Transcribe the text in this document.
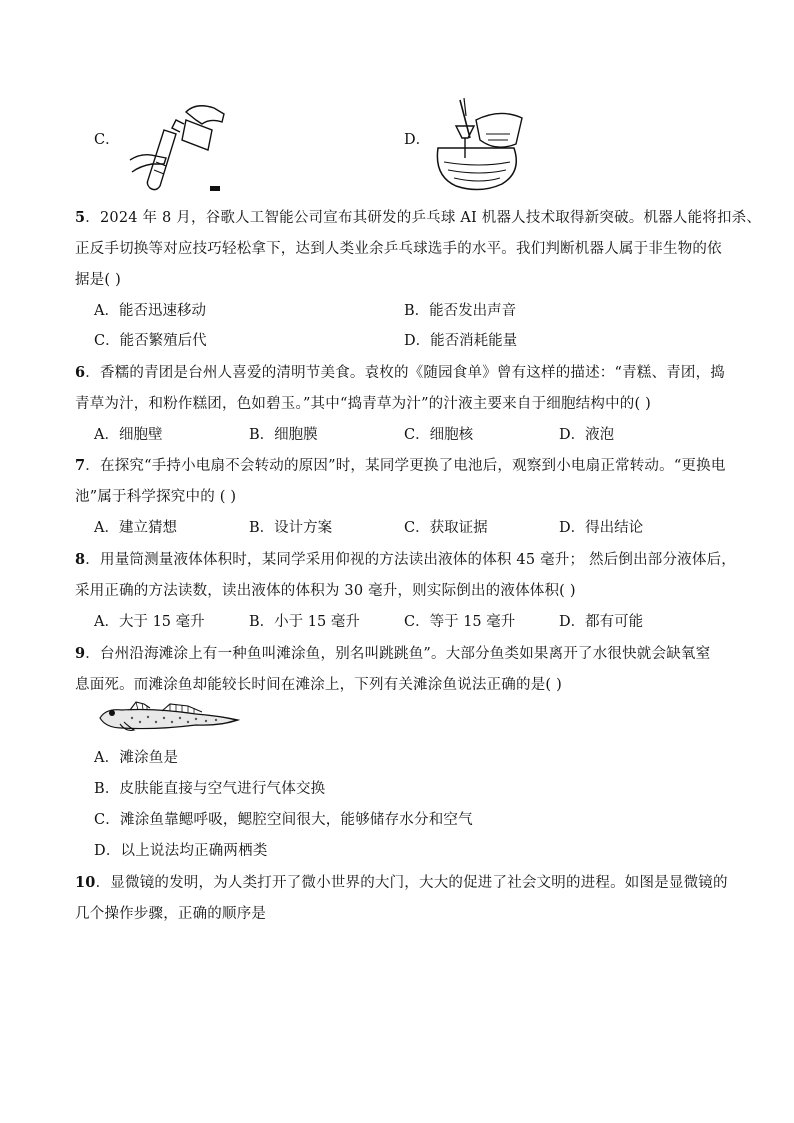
C．	D．
5．2024 年 8 月，谷歌人工智能公司宣布其研发的乒乓球 AI 机器人技术取得新突破。机器人能将扣杀、
正反手切换等对应技巧轻松拿下，达到人类业余乒乓球选手的水平。我们判断机器人属于非生物的依
据是( )
A．能否迅速移动	B．能否发出声音
C．能否繁殖后代	D．能否消耗能量
6．香糯的青团是台州人喜爱的清明节美食。袁枚的《随园食单》曾有这样的描述：“青糕、青团，捣
青草为汁，和粉作糕团，色如碧玉。”其中“捣青草为汁”的汁液主要来自于细胞结构中的( )
A．细胞壁	B．细胞膜	C．细胞核	D．液泡
7．在探究“手持小电扇不会转动的原因”时，某同学更换了电池后，观察到小电扇正常转动。“更换电
池”属于科学探究中的 ( )
A．建立猜想	B．设计方案	C．获取证据	D．得出结论
8．用量筒测量液体体积时，某同学采用仰视的方法读出液体的体积 45 毫升； 然后倒出部分液体后，
采用正确的方法读数，读出液体的体积为 30 毫升，则实际倒出的液体体积( )
A．大于 15 毫升	B．小于 15 毫升	C．等于 15 毫升	D．都有可能
9．台州沿海滩涂上有一种鱼叫滩涂鱼，别名叫跳跳鱼”。大部分鱼类如果离开了水很快就会缺氧窒
息面死。而滩涂鱼却能较长时间在滩涂上，下列有关滩涂鱼说法正确的是( )
A．滩涂鱼是
B．皮肤能直接与空气进行气体交换
C．滩涂鱼靠鳃呼吸，鳃腔空间很大，能够储存水分和空气
D．以上说法均正确两栖类
10．显微镜的发明，为人类打开了微小世界的大门，大大的促进了社会文明的进程。如图是显微镜的
几个操作步骤，正确的顺序是
